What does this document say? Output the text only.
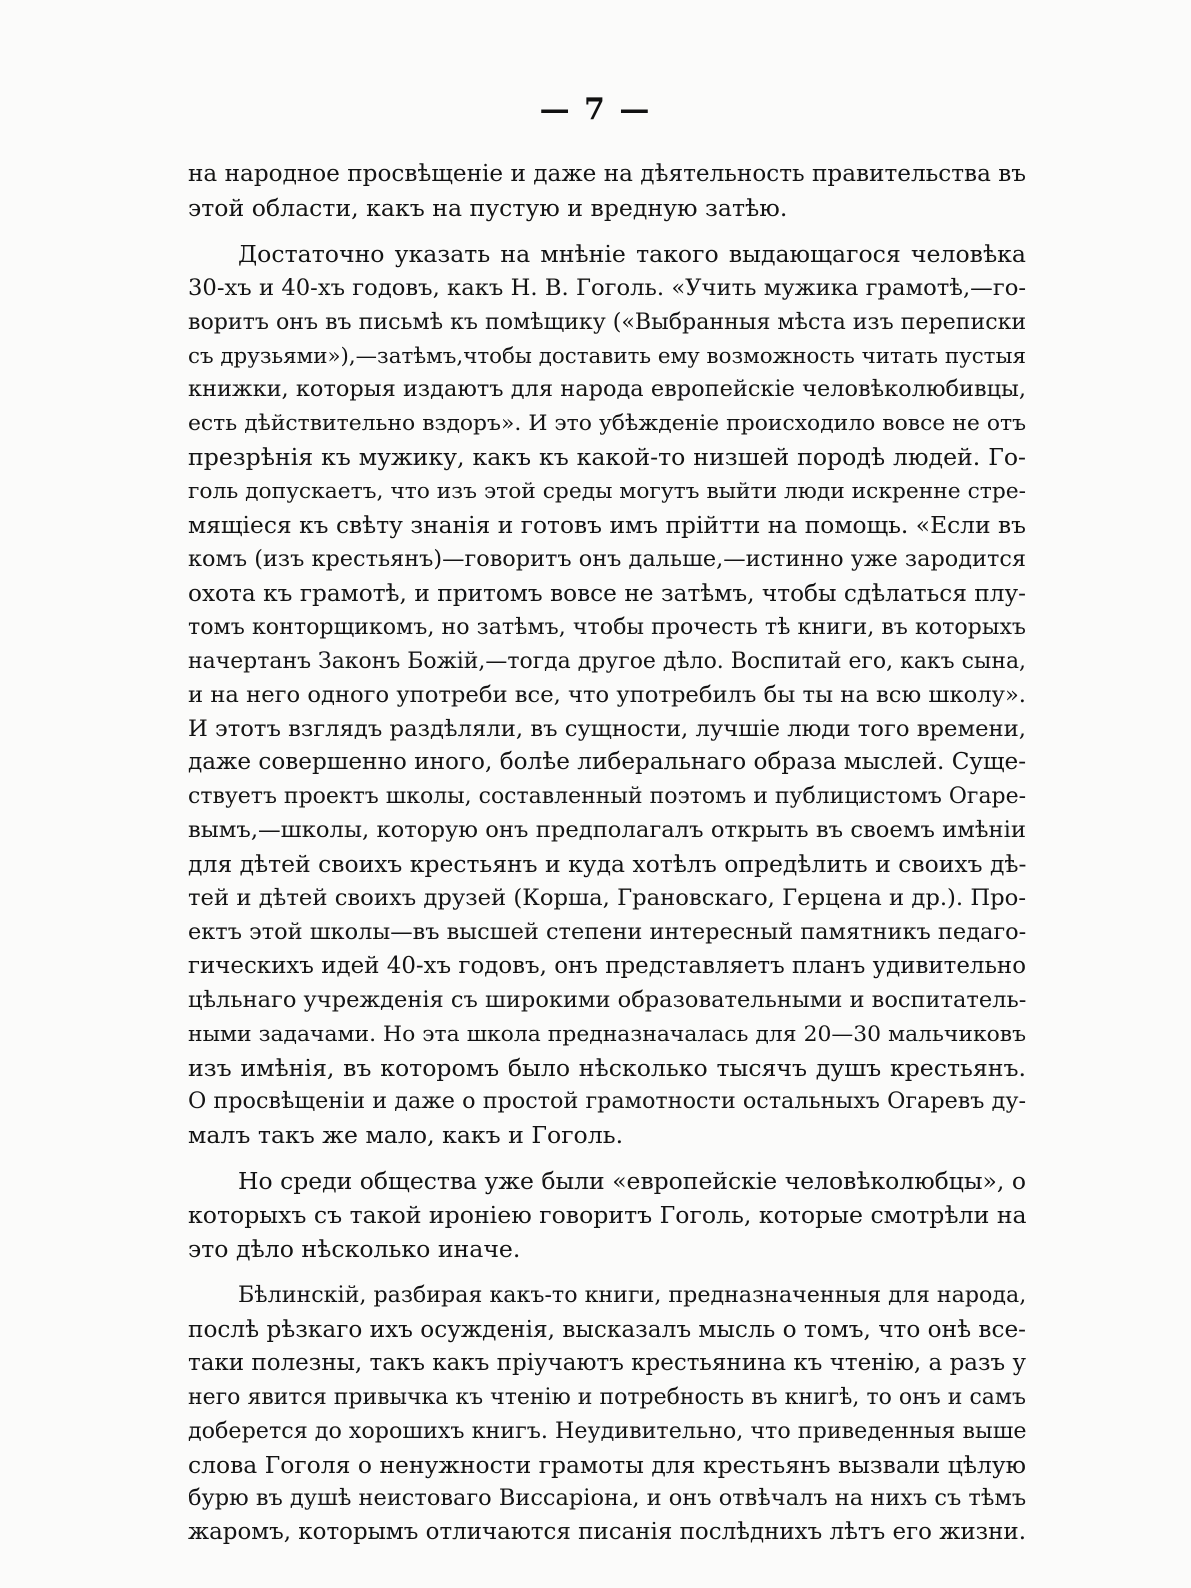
— 7 —

на народное просвѣщеніе и даже на дѣятельность правительства въ
этой области, какъ на пустую и вредную затѣю.

Достаточно указать на мнѣніе такого выдающагося человѣка
30-хъ и 40-хъ годовъ, какъ Н. В. Гоголь. «Учить мужика грамотѣ,—го-
воритъ онъ въ письмѣ къ помѣщику («Выбранныя мѣста изъ переписки
съ друзьями»),—затѣмъ,чтобы доставить ему возможность читать пустыя
книжки, которыя издаютъ для народа европейскіе человѣколюбивцы,
есть дѣйствительно вздоръ». И это убѣжденіе происходило вовсе не отъ
презрѣнія къ мужику, какъ къ какой-то низшей породѣ людей. Го-
голь допускаетъ, что изъ этой среды могутъ выйти люди искренне стре-
мящіеся къ свѣту знанія и готовъ имъ прійтти на помощь. «Если въ
комъ (изъ крестьянъ)—говоритъ онъ дальше,—истинно уже зародится
охота къ грамотѣ, и притомъ вовсе не затѣмъ, чтобы сдѣлаться плу-
томъ конторщикомъ, но затѣмъ, чтобы прочесть тѣ книги, въ которыхъ
начертанъ Законъ Божій,—тогда другое дѣло. Воспитай его, какъ сына,
и на него одного употреби все, что употребилъ бы ты на всю школу».
И этотъ взглядъ раздѣляли, въ сущности, лучшіе люди того времени,
даже совершенно иного, болѣе либеральнаго образа мыслей. Суще-
ствуетъ проектъ школы, составленный поэтомъ и публицистомъ Огаре-
вымъ,—школы, которую онъ предполагалъ открыть въ своемъ имѣніи
для дѣтей своихъ крестьянъ и куда хотѣлъ опредѣлить и своихъ дѣ-
тей и дѣтей своихъ друзей (Корша, Грановскаго, Герцена и др.). Про-
ектъ этой школы—въ высшей степени интересный памятникъ педаго-
гическихъ идей 40-хъ годовъ, онъ представляетъ планъ удивительно
цѣльнаго учрежденія съ широкими образовательными и воспитатель-
ными задачами. Но эта школа предназначалась для 20—30 мальчиковъ
изъ имѣнія, въ которомъ было нѣсколько тысячъ душъ крестьянъ.
О просвѣщеніи и даже о простой грамотности остальныхъ Огаревъ ду-
малъ такъ же мало, какъ и Гоголь.

Но среди общества уже были «европейскіе человѣколюбцы», о
которыхъ съ такой ироніею говоритъ Гоголь, которые смотрѣли на
это дѣло нѣсколько иначе.

Бѣлинскій, разбирая какъ-то книги, предназначенныя для народа,
послѣ рѣзкаго ихъ осужденія, высказалъ мысль о томъ, что онѣ все-
таки полезны, такъ какъ пріучаютъ крестьянина къ чтенію, а разъ у
него явится привычка къ чтенію и потребность въ книгѣ, то онъ и самъ
доберется до хорошихъ книгъ. Неудивительно, что приведенныя выше
слова Гоголя о ненужности грамоты для крестьянъ вызвали цѣлую
бурю въ душѣ неистоваго Виссаріона, и онъ отвѣчалъ на нихъ съ тѣмъ
жаромъ, которымъ отличаются писанія послѣднихъ лѣтъ его жизни.
